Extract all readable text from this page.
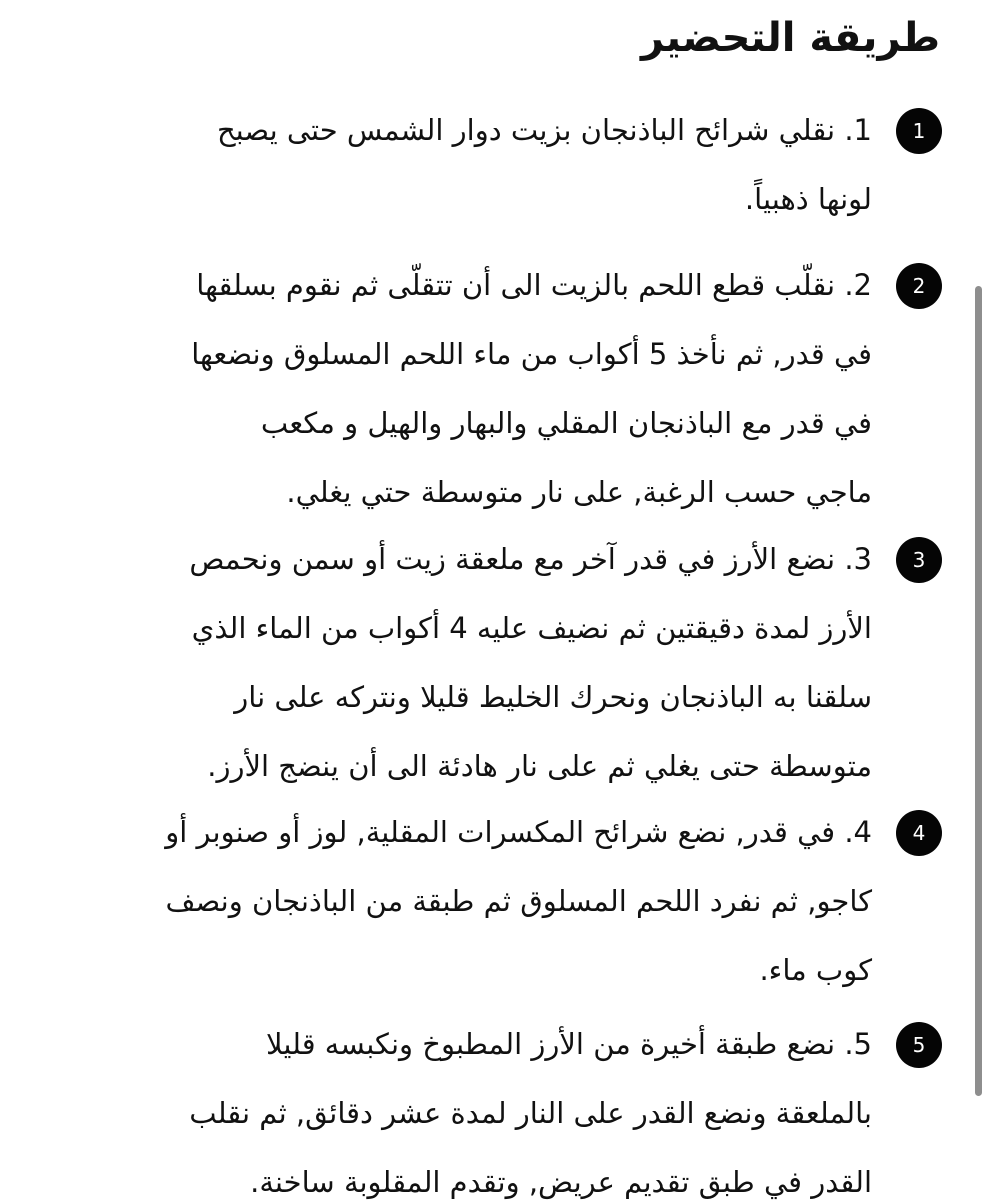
طريقة التحضير
1
1. نقلي شرائح الباذنجان بزيت دوار الشمس حتى يصبح
لونها ذهبياً.
2
2. نقلّب قطع اللحم بالزيت الى أن تتقلّى ثم نقوم بسلقها
في قدر, ثم نأخذ 5 أكواب من ماء اللحم المسلوق ونضعها
في قدر مع الباذنجان المقلي والبهار والهيل و مكعب
ماجي حسب الرغبة, على نار متوسطة حتي يغلي.
3
3. نضع الأرز في قدر آخر مع ملعقة زيت أو سمن ونحمص
الأرز لمدة دقيقتين ثم نضيف عليه 4 أكواب من الماء الذي
سلقنا به الباذنجان ونحرك الخليط قليلا ونتركه على نار
متوسطة حتى يغلي ثم على نار هادئة الى أن ينضج الأرز.
4
4. في قدر, نضع شرائح المكسرات المقلية, لوز أو صنوبر أو
كاجو, ثم نفرد اللحم المسلوق ثم طبقة من الباذنجان ونصف
كوب ماء.
5
5. نضع طبقة أخيرة من الأرز المطبوخ ونكبسه قليلا
بالملعقة ونضع القدر على النار لمدة عشر دقائق, ثم نقلب
القدر في طبق تقديم عريض, وتقدم المقلوبة ساخنة.
